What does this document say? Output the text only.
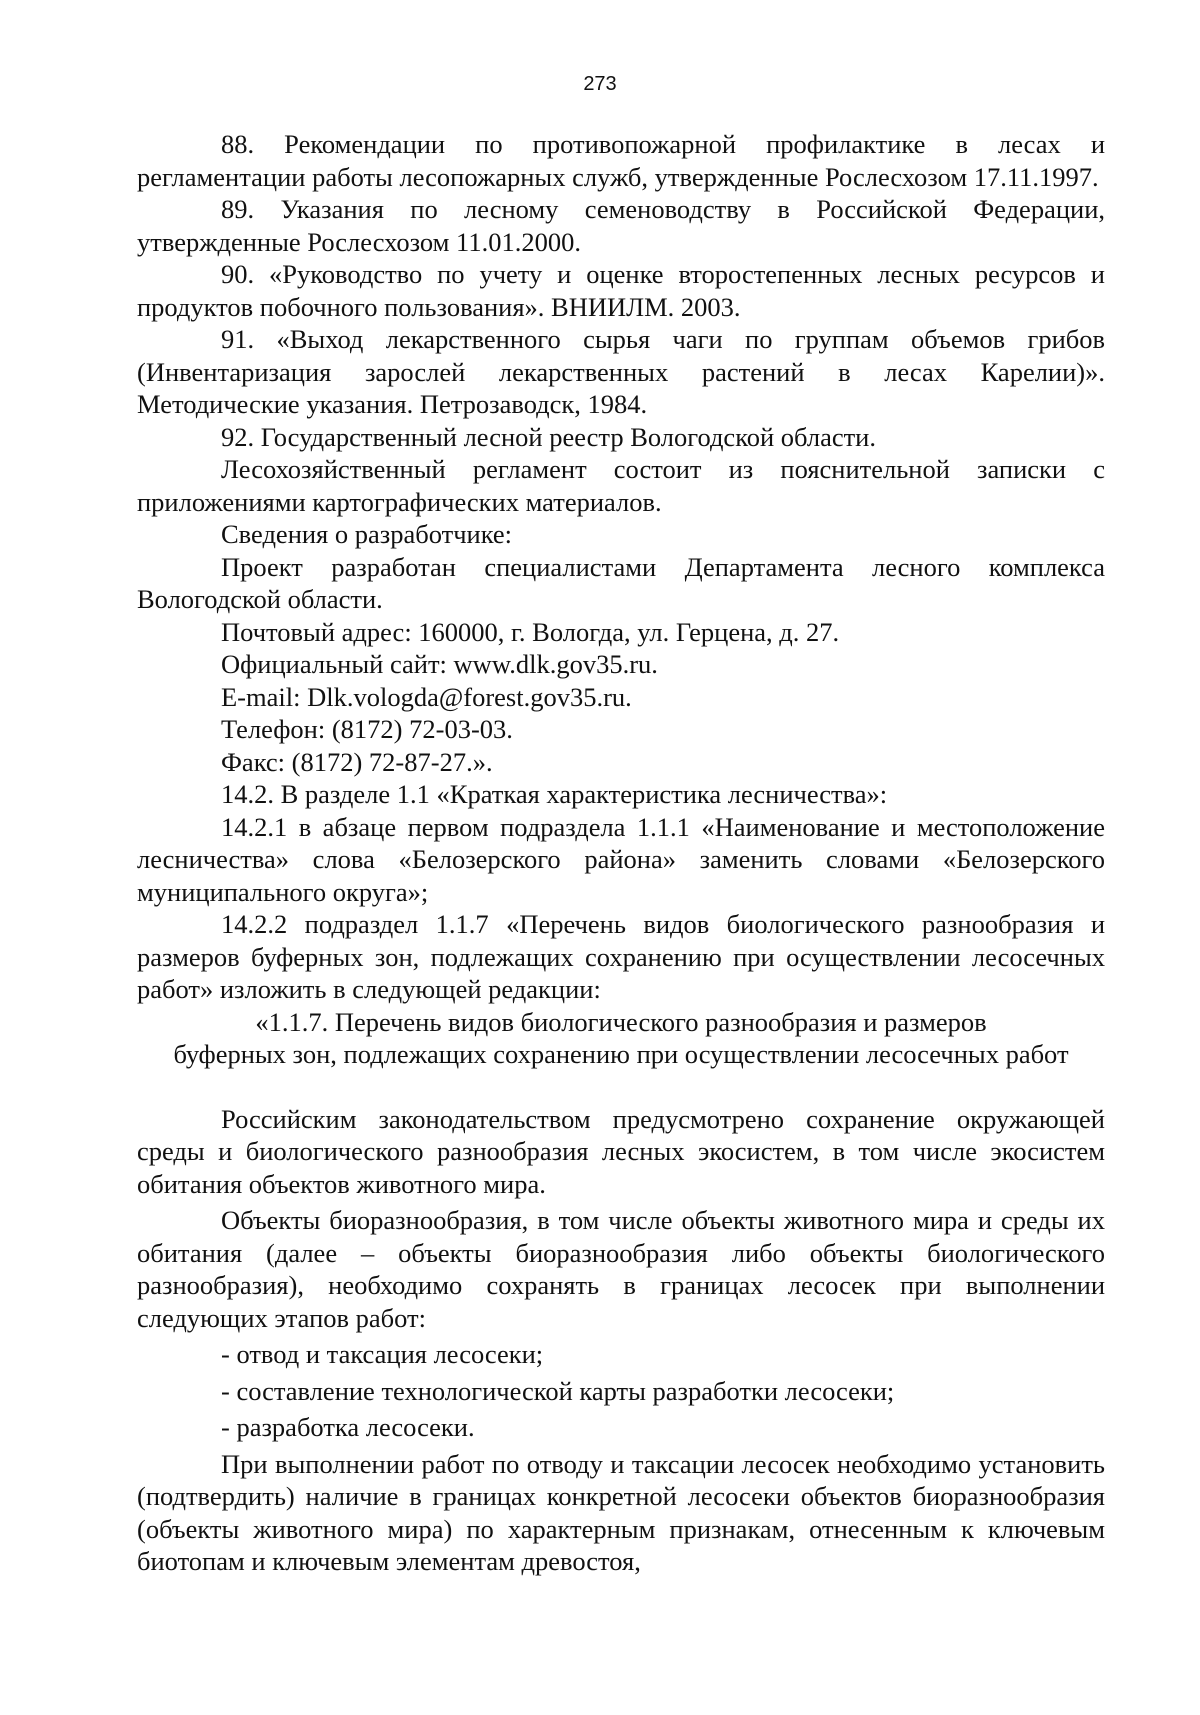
273

88. Рекомендации по противопожарной профилактике в лесах и регламентации работы лесопожарных служб, утвержденные Рослесхозом 17.11.1997.

89. Указания по лесному семеноводству в Российской Федерации, утвержденные Рослесхозом 11.01.2000.

90. «Руководство по учету и оценке второстепенных лесных ресурсов и продуктов побочного пользования». ВНИИЛМ. 2003.

91. «Выход лекарственного сырья чаги по группам объемов грибов (Инвентаризация зарослей лекарственных растений в лесах Карелии)». Методические указания. Петрозаводск, 1984.

92. Государственный лесной реестр Вологодской области.

Лесохозяйственный регламент состоит из пояснительной записки с приложениями картографических материалов.

Сведения о разработчике:

Проект разработан специалистами Департамента лесного комплекса Вологодской области.

Почтовый адрес: 160000, г. Вологда, ул. Герцена, д. 27.

Официальный сайт: www.dlk.gov35.ru.

E-mail: Dlk.vologda@forest.gov35.ru.

Телефон: (8172) 72-03-03.

Факс: (8172) 72-87-27.».

14.2. В разделе 1.1 «Краткая характеристика лесничества»:

14.2.1 в абзаце первом подраздела 1.1.1 «Наименование и местоположение лесничества» слова «Белозерского района» заменить словами «Белозерского муниципального округа»;

14.2.2 подраздел 1.1.7 «Перечень видов биологического разнообразия и размеров буферных зон, подлежащих сохранению при осуществлении лесосечных работ» изложить в следующей редакции:

«1.1.7. Перечень видов биологического разнообразия и размеров
буферных зон, подлежащих сохранению при осуществлении лесосечных работ

Российским законодательством предусмотрено сохранение окружающей среды и биологического разнообразия лесных экосистем, в том числе экосистем обитания объектов животного мира.

Объекты биоразнообразия, в том числе объекты животного мира и среды их обитания (далее – объекты биоразнообразия либо объекты биологического разнообразия), необходимо сохранять в границах лесосек при выполнении следующих этапов работ:

- отвод и таксация лесосеки;

- составление технологической карты разработки лесосеки;

- разработка лесосеки.

При выполнении работ по отводу и таксации лесосек необходимо установить (подтвердить) наличие в границах конкретной лесосеки объектов биоразнообразия (объекты животного мира) по характерным признакам, отнесенным к ключевым биотопам и ключевым элементам древостоя,
